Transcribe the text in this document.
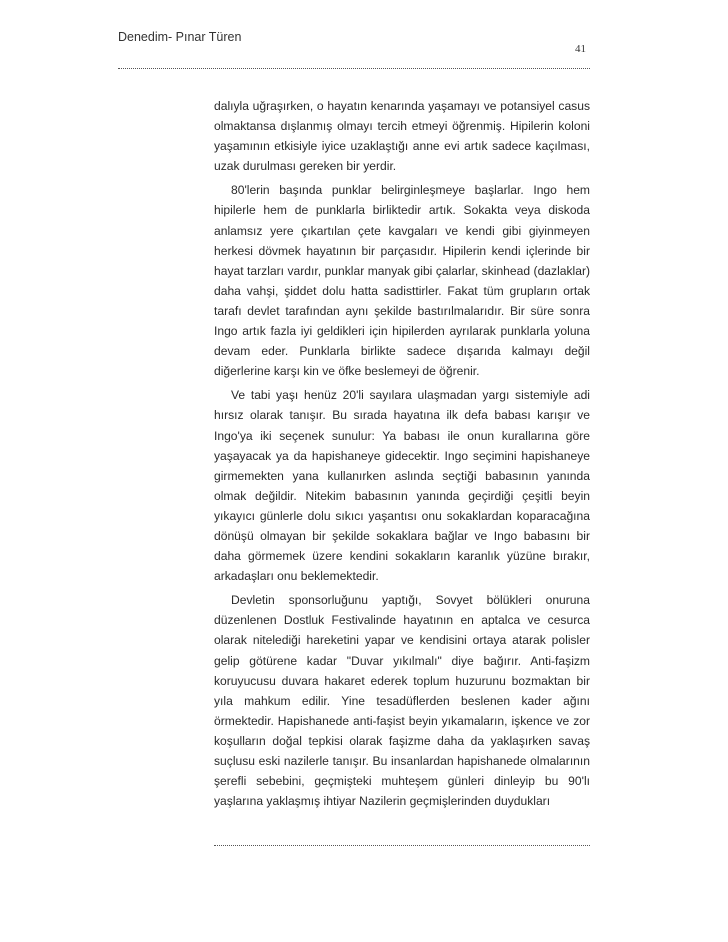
Denedim- Pınar Türen
41

dalıyla uğraşırken, o hayatın kenarında yaşamayı ve potansiyel casus olmaktansa dışlanmış olmayı tercih etmeyi öğrenmiş. Hipilerin koloni yaşamının etkisiyle iyice uzaklaştığı anne evi artık sadece kaçılması, uzak durulması gereken bir yerdir.

80'lerin başında punklar belirginleşmeye başlarlar. Ingo hem hipilerle hem de punklarla birliktedir artık. Sokakta veya diskoda anlamsız yere çıkartılan çete kavgaları ve kendi gibi giyinmeyen herkesi dövmek hayatının bir parçasıdır. Hipilerin kendi içlerinde bir hayat tarzları vardır, punklar manyak gibi çalarlar, skinhead (dazlaklar) daha vahşi, şiddet dolu hatta sadisttirler. Fakat tüm grupların ortak tarafı devlet tarafından aynı şekilde bastırılmalarıdır. Bir süre sonra Ingo artık fazla iyi geldikleri için hipilerden ayrılarak punklarla yoluna devam eder. Punklarla birlikte sadece dışarıda kalmayı değil diğerlerine karşı kin ve öfke beslemeyi de öğrenir.

Ve tabi yaşı henüz 20'li sayılara ulaşmadan yargı sistemiyle adi hırsız olarak tanışır. Bu sırada hayatına ilk defa babası karışır ve Ingo'ya iki seçenek sunulur: Ya babası ile onun kurallarına göre yaşayacak ya da hapishaneye gidecektir. Ingo seçimini hapishaneye girmemekten yana kullanırken aslında seçtiği babasının yanında olmak değildir. Nitekim babasının yanında geçirdiği çeşitli beyin yıkayıcı günlerle dolu sıkıcı yaşantısı onu sokaklardan koparacağına dönüşü olmayan bir şekilde sokaklara bağlar ve Ingo babasını bir daha görmemek üzere kendini sokakların karanlık yüzüne bırakır, arkadaşları onu beklemektedir.

Devletin sponsorluğunu yaptığı, Sovyet bölükleri onuruna düzenlenen Dostluk Festivalinde hayatının en aptalca ve cesurca olarak nitelediği hareketini yapar ve kendisini ortaya atarak polisler gelip götürene kadar "Duvar yıkılmalı" diye bağırır. Anti-faşizm koruyucusu duvara hakaret ederek toplum huzurunu bozmaktan bir yıla mahkum edilir. Yine tesadüflerden beslenen kader ağını örmektedir. Hapishanede anti-faşist beyin yıkamaların, işkence ve zor koşulların doğal tepkisi olarak faşizme daha da yaklaşırken savaş suçlusu eski nazilerle tanışır. Bu insanlardan hapishanede olmalarının şerefli sebebini, geçmişteki muhteşem günleri dinleyip bu 90'lı yaşlarına yaklaşmış ihtiyar Nazilerin geçmişlerinden duydukları
